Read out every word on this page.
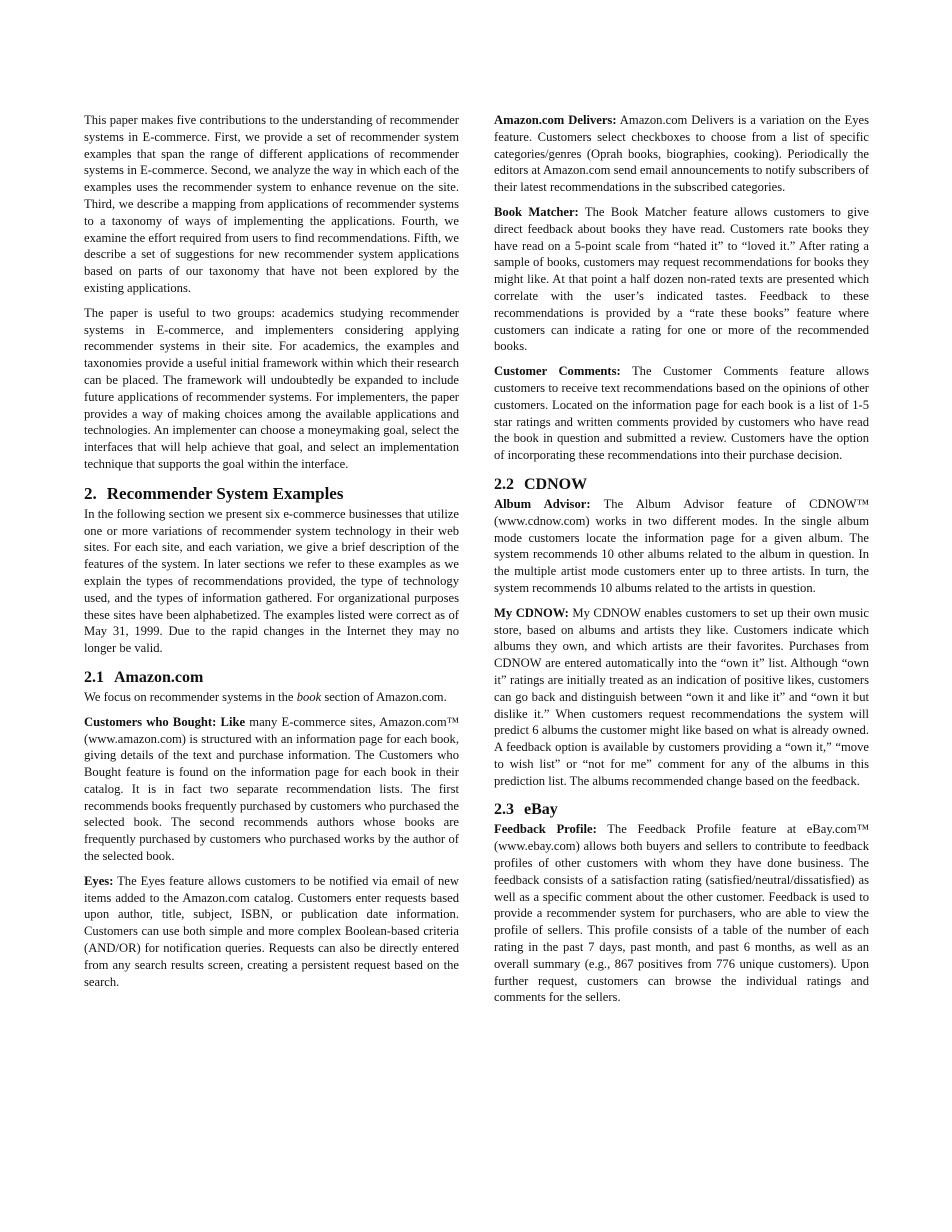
This paper makes five contributions to the understanding of recommender systems in E-commerce. First, we provide a set of recommender system examples that span the range of different applications of recommender systems in E-commerce. Second, we analyze the way in which each of the examples uses the recommender system to enhance revenue on the site. Third, we describe a mapping from applications of recommender systems to a taxonomy of ways of implementing the applications. Fourth, we examine the effort required from users to find recommendations. Fifth, we describe a set of suggestions for new recommender system applications based on parts of our taxonomy that have not been explored by the existing applications.

The paper is useful to two groups: academics studying recommender systems in E-commerce, and implementers considering applying recommender systems in their site. For academics, the examples and taxonomies provide a useful initial framework within which their research can be placed. The framework will undoubtedly be expanded to include future applications of recommender systems. For implementers, the paper provides a way of making choices among the available applications and technologies. An implementer can choose a moneymaking goal, select the interfaces that will help achieve that goal, and select an implementation technique that supports the goal within the interface.

2. Recommender System Examples

In the following section we present six e-commerce businesses that utilize one or more variations of recommender system technology in their web sites. For each site, and each variation, we give a brief description of the features of the system. In later sections we refer to these examples as we explain the types of recommendations provided, the type of technology used, and the types of information gathered. For organizational purposes these sites have been alphabetized. The examples listed were correct as of May 31, 1999. Due to the rapid changes in the Internet they may no longer be valid.

2.1 Amazon.com

We focus on recommender systems in the book section of Amazon.com.

Customers who Bought: Like many E-commerce sites, Amazon.com™ (www.amazon.com) is structured with an information page for each book, giving details of the text and purchase information. The Customers who Bought feature is found on the information page for each book in their catalog. It is in fact two separate recommendation lists. The first recommends books frequently purchased by customers who purchased the selected book. The second recommends authors whose books are frequently purchased by customers who purchased works by the author of the selected book.

Eyes: The Eyes feature allows customers to be notified via email of new items added to the Amazon.com catalog. Customers enter requests based upon author, title, subject, ISBN, or publication date information. Customers can use both simple and more complex Boolean-based criteria (AND/OR) for notification queries. Requests can also be directly entered from any search results screen, creating a persistent request based on the search.

Amazon.com Delivers: Amazon.com Delivers is a variation on the Eyes feature. Customers select checkboxes to choose from a list of specific categories/genres (Oprah books, biographies, cooking). Periodically the editors at Amazon.com send email announcements to notify subscribers of their latest recommendations in the subscribed categories.

Book Matcher: The Book Matcher feature allows customers to give direct feedback about books they have read. Customers rate books they have read on a 5-point scale from “hated it” to “loved it.” After rating a sample of books, customers may request recommendations for books they might like. At that point a half dozen non-rated texts are presented which correlate with the user’s indicated tastes. Feedback to these recommendations is provided by a “rate these books” feature where customers can indicate a rating for one or more of the recommended books.

Customer Comments: The Customer Comments feature allows customers to receive text recommendations based on the opinions of other customers. Located on the information page for each book is a list of 1-5 star ratings and written comments provided by customers who have read the book in question and submitted a review. Customers have the option of incorporating these recommendations into their purchase decision.

2.2 CDNOW

Album Advisor: The Album Advisor feature of CDNOW™ (www.cdnow.com) works in two different modes. In the single album mode customers locate the information page for a given album. The system recommends 10 other albums related to the album in question. In the multiple artist mode customers enter up to three artists. In turn, the system recommends 10 albums related to the artists in question.

My CDNOW: My CDNOW enables customers to set up their own music store, based on albums and artists they like. Customers indicate which albums they own, and which artists are their favorites. Purchases from CDNOW are entered automatically into the “own it” list. Although “own it” ratings are initially treated as an indication of positive likes, customers can go back and distinguish between “own it and like it” and “own it but dislike it.” When customers request recommendations the system will predict 6 albums the customer might like based on what is already owned. A feedback option is available by customers providing a “own it,” “move to wish list” or “not for me” comment for any of the albums in this prediction list. The albums recommended change based on the feedback.

2.3 eBay

Feedback Profile: The Feedback Profile feature at eBay.com™ (www.ebay.com) allows both buyers and sellers to contribute to feedback profiles of other customers with whom they have done business. The feedback consists of a satisfaction rating (satisfied/neutral/dissatisfied) as well as a specific comment about the other customer. Feedback is used to provide a recommender system for purchasers, who are able to view the profile of sellers. This profile consists of a table of the number of each rating in the past 7 days, past month, and past 6 months, as well as an overall summary (e.g., 867 positives from 776 unique customers). Upon further request, customers can browse the individual ratings and comments for the sellers.
